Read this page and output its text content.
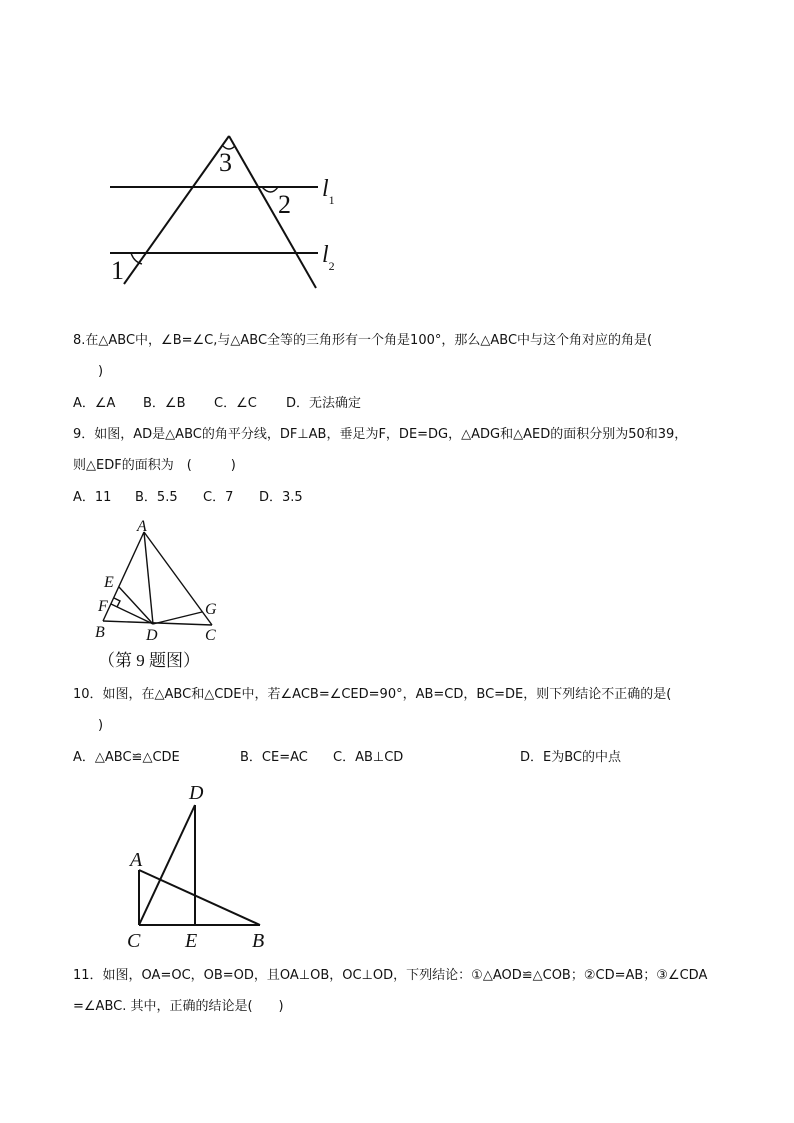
3
2
1
$l_1$
$l_2$
8.在△ABC中，∠B=∠C,与△ABC全等的三角形有一个角是100°，那么△ABC中与这个角对应的角是(
)
A．∠A B．∠B C．∠C D．无法确定
9．如图，AD是△ABC的角平分线，DF⊥AB，垂足为F，DE=DG，△ADG和△AED的面积分别为50和39，
则△EDF的面积为　(　　　)
A．11 B．5.5 C．7 D．3.5
A
E
F
B	D
G
C
（第 9 题图）
10．如图，在△ABC和△CDE中，若∠ACB=∠CED=90°，AB=CD，BC=DE，则下列结论不正确的是(
)
A．△ABC≌△CDE	B．CE=AC C．AB⊥CD	D．E为BC的中点
D
A
C E	B
11．如图，OA=OC，OB=OD，且OA⊥OB，OC⊥OD，下列结论：①△AOD≌△COB；②CD=AB；③∠CDA
=∠ABC. 其中，正确的结论是(　　)
